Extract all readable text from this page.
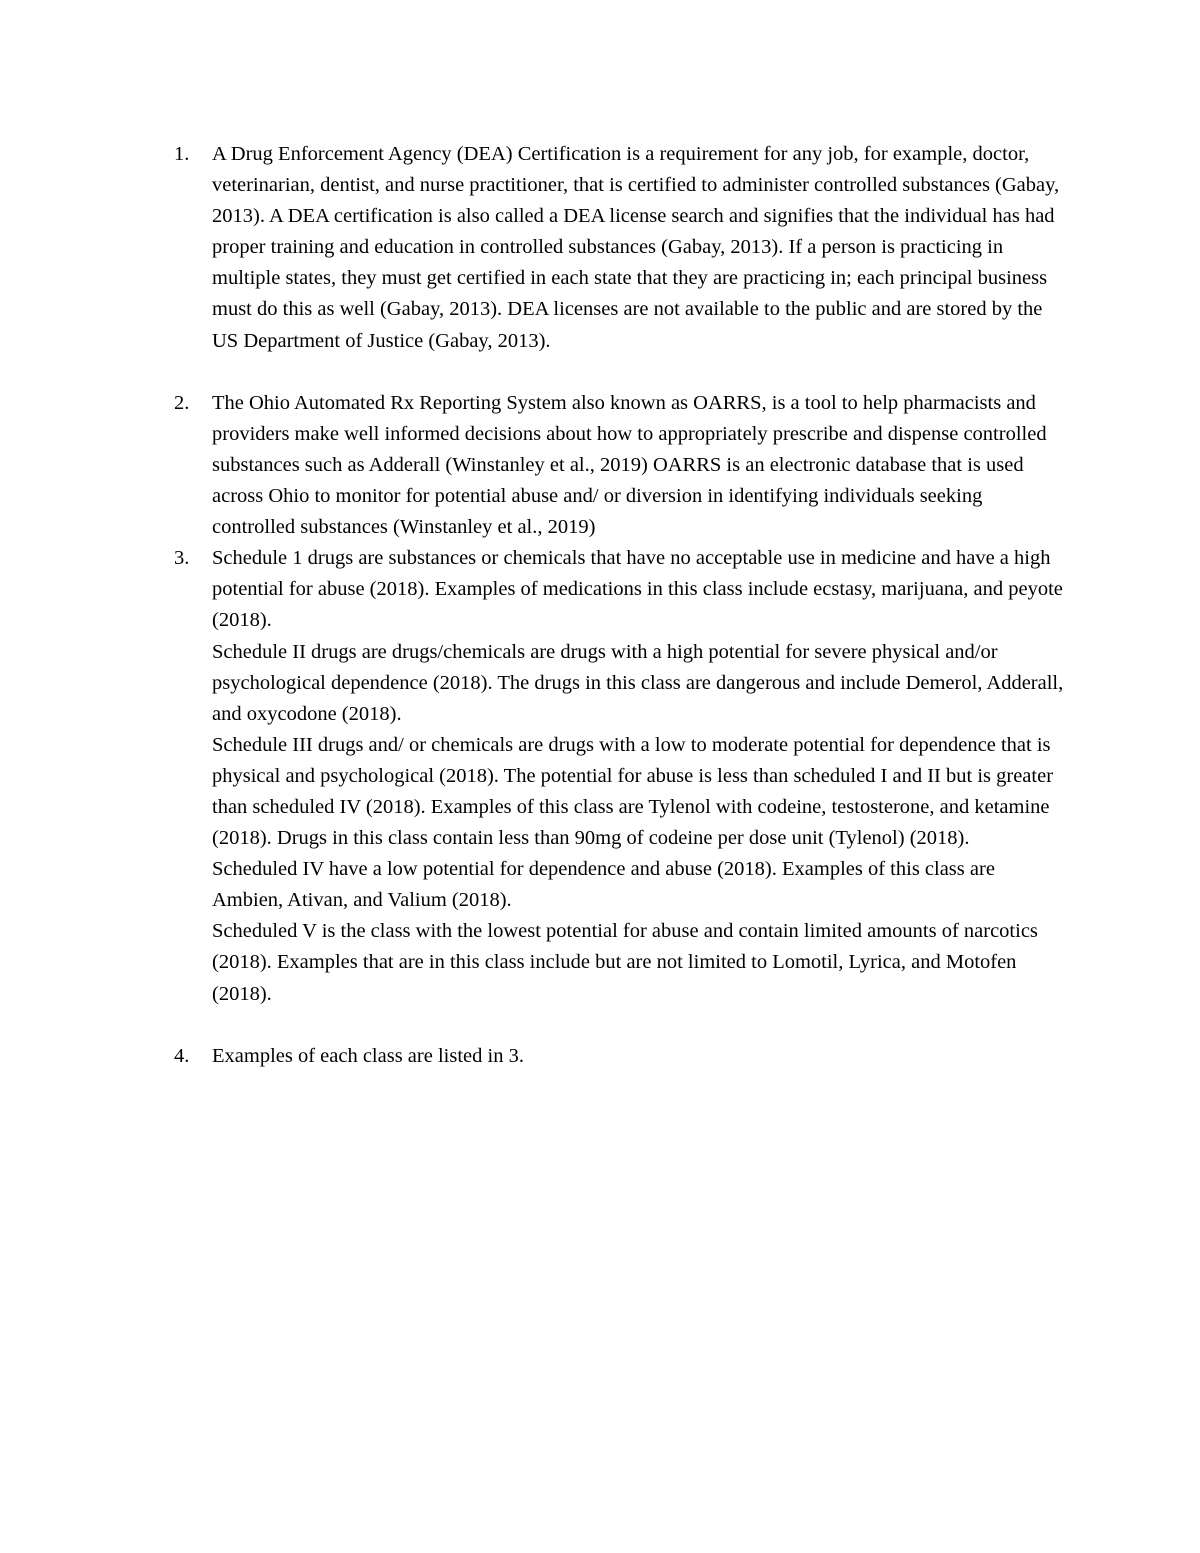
1.	A Drug Enforcement Agency (DEA) Certification is a requirement for any job, for example, doctor, veterinarian, dentist, and nurse practitioner, that is certified to administer controlled substances (Gabay, 2013). A DEA certification is also called a DEA license search and signifies that the individual has had proper training and education in controlled substances (Gabay, 2013). If a person is practicing in multiple states, they must get certified in each state that they are practicing in; each principal business must do this as well (Gabay, 2013). DEA licenses are not available to the public and are stored by the US Department of Justice (Gabay, 2013).

2.	The Ohio Automated Rx Reporting System also known as OARRS, is a tool to help pharmacists and providers make well informed decisions about how to appropriately prescribe and dispense controlled substances such as Adderall (Winstanley et al., 2019) OARRS is an electronic database that is used across Ohio to monitor for potential abuse and/ or diversion in identifying individuals seeking controlled substances (Winstanley et al., 2019)

3.	Schedule 1 drugs are substances or chemicals that have no acceptable use in medicine and have a high potential for abuse (2018). Examples of medications in this class include ecstasy, marijuana, and peyote (2018).

Schedule II drugs are drugs/chemicals are drugs with a high potential for severe physical and/or psychological dependence (2018). The drugs in this class are dangerous and include Demerol, Adderall, and oxycodone (2018).

Schedule III drugs and/ or chemicals are drugs with a low to moderate potential for dependence that is physical and psychological (2018). The potential for abuse is less than scheduled I and II but is greater than scheduled IV (2018). Examples of this class are Tylenol with codeine, testosterone, and ketamine (2018). Drugs in this class contain less than 90mg of codeine per dose unit (Tylenol) (2018).

Scheduled IV have a low potential for dependence and abuse (2018). Examples of this class are Ambien, Ativan, and Valium (2018).

Scheduled V is the class with the lowest potential for abuse and contain limited amounts of narcotics (2018). Examples that are in this class include but are not limited to Lomotil, Lyrica, and Motofen (2018).

4.	Examples of each class are listed in 3.
